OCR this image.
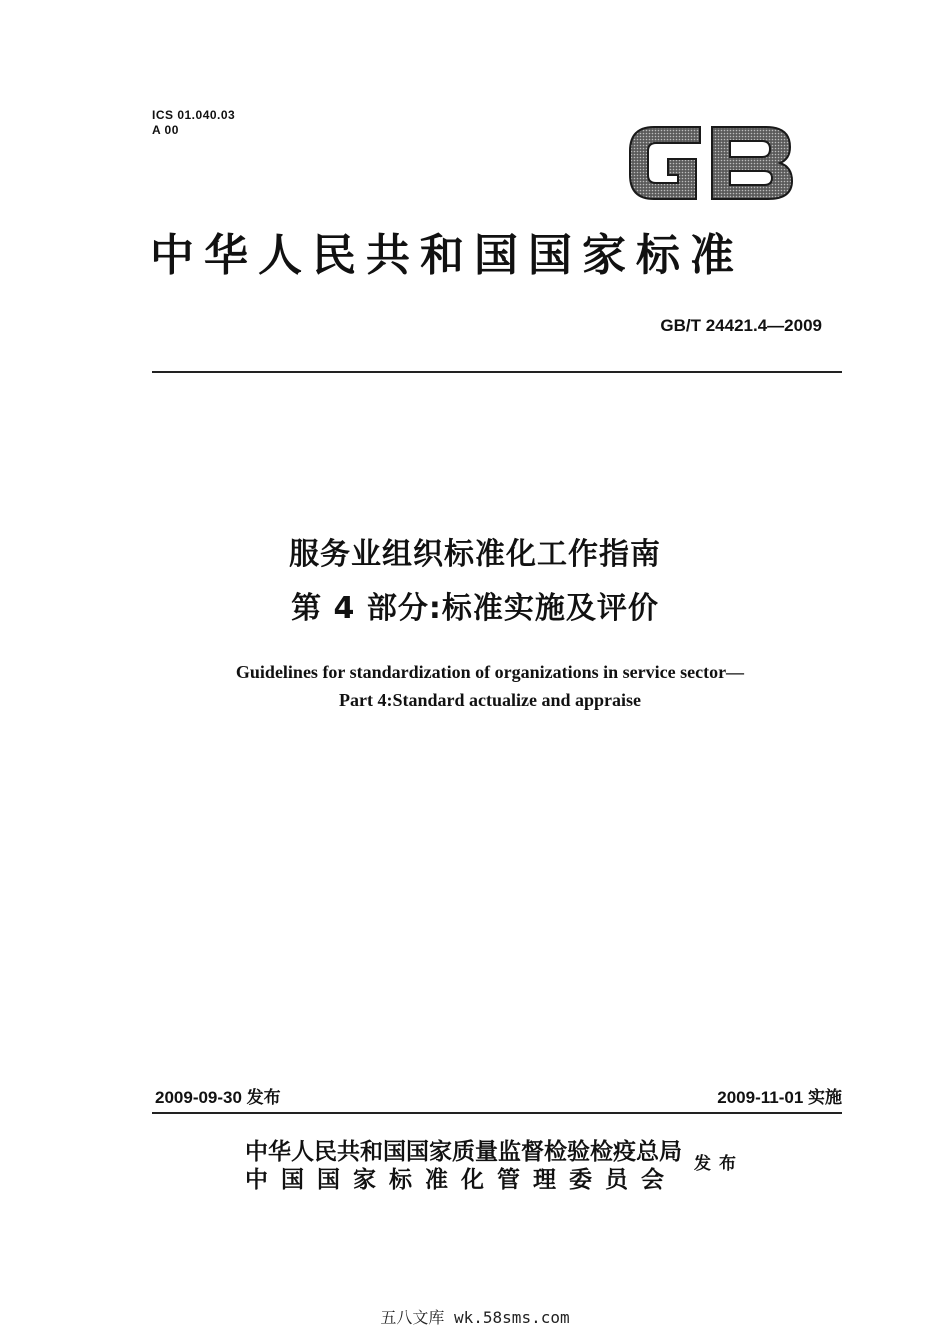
ICS 01.040.03
A 00
中华人民共和国国家标准
GB/T 24421.4—2009
服务业组织标准化工作指南
第 4 部分:标准实施及评价
Guidelines for standardization of organizations in service sector—
Part 4:Standard actualize and appraise
2009-09-30 发布	2009-11-01 实施
中华人民共和国国家质量监督检验检疫总局
中国国家标准化管理委员会
发布
五八文库 wk.58sms.com
